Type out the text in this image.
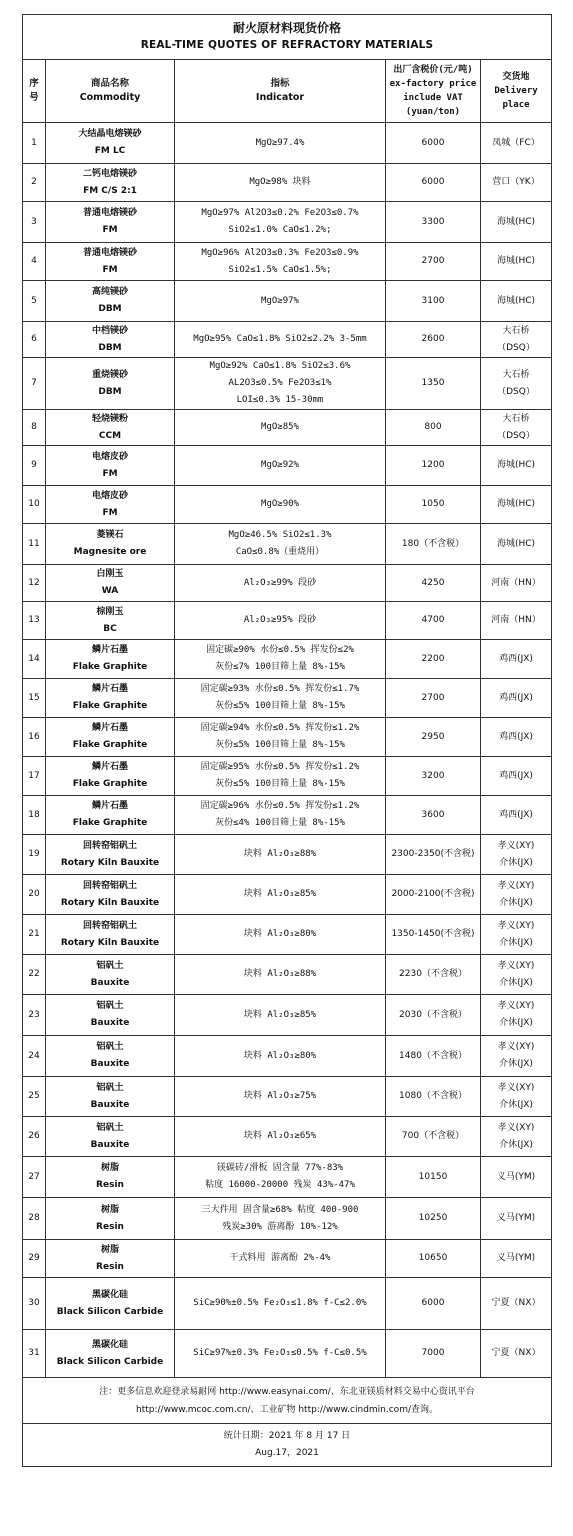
耐火原材料现货价格
REAL-TIME QUOTES OF REFRACTORY MATERIALS				

序
号	商品名称
Commodity	指标
Indicator	出厂含税价(元/吨)
ex-factory price
include VAT
(yuan/ton)	交货地
Delivery
place

1	大结晶电熔镁砂
FM LC	MgO≥97.4%	6000	凤城（FC）

2	二钙电熔镁砂
FM C/S 2:1	MgO≥98% 块料	6000	营口（YK）

3	普通电熔镁砂
FM	MgO≥97% Al2O3≤0.2% Fe2O3≤0.7%
SiO2≤1.0% CaO≤1.2%;	3300	海城(HC)

4	普通电熔镁砂
FM	MgO≥96% Al2O3≤0.3% Fe2O3≤0.9%
SiO2≤1.5% CaO≤1.5%;	2700	海城(HC)

5	高纯镁砂
DBM	MgO≥97%	3100	海城(HC)

6	中档镁砂
DBM	MgO≥95% CaO≤1.8% SiO2≤2.2% 3-5mm	2600	大石桥
（DSQ）

7	重烧镁砂
DBM	MgO≥92% CaO≤1.8% SiO2≤3.6%
AL2O3≤0.5% Fe2O3≤1%
LOI≤0.3% 15-30mm	1350	大石桥
（DSQ）

8	轻烧镁粉
CCM	MgO≥85%	800	大石桥
（DSQ）

9	电熔皮砂
FM	MgO≥92%	1200	海城(HC)

10	电熔皮砂
FM	MgO≥90%	1050	海城(HC)

11	菱镁石
Magnesite ore	MgO≥46.5% SiO2≤1.3%
CaO≤0.8%（重烧用）	180（不含税）	海城(HC)

12	白刚玉
WA	Al₂O₃≥99% 段砂	4250	河南（HN）

13	棕刚玉
BC	Al₂O₃≥95% 段砂	4700	河南（HN）

14	鳞片石墨
Flake Graphite	固定碳≥90% 水份≤0.5% 挥发份≤2%
灰份≤7% 100目筛上量 8%-15%	2200	鸡西(JX)

15	鳞片石墨
Flake Graphite	固定碳≥93% 水份≤0.5% 挥发份≤1.7%
灰份≤5% 100目筛上量 8%-15%	2700	鸡西(JX)

16	鳞片石墨
Flake Graphite	固定碳≥94% 水份≤0.5% 挥发份≤1.2%
灰份≤5% 100目筛上量 8%-15%	2950	鸡西(JX)

17	鳞片石墨
Flake Graphite	固定碳≥95% 水份≤0.5% 挥发份≤1.2%
灰份≤5% 100目筛上量 8%-15%	3200	鸡西(JX)

18	鳞片石墨
Flake Graphite	固定碳≥96% 水份≤0.5% 挥发份≤1.2%
灰份≤4% 100目筛上量 8%-15%	3600	鸡西(JX)

19	回转窑铝矾土
Rotary Kiln Bauxite	块料 Al₂O₃≥88%	2300-2350(不含税)	孝义(XY)
介休(JX)

20	回转窑铝矾土
Rotary Kiln Bauxite	块料 Al₂O₃≥85%	2000-2100(不含税)	孝义(XY)
介休(JX)

21	回转窑铝矾土
Rotary Kiln Bauxite	块料 Al₂O₃≥80%	1350-1450(不含税)	孝义(XY)
介休(JX)

22	铝矾土
Bauxite	块料 Al₂O₃≥88%	2230（不含税）	孝义(XY)
介休(JX)

23	铝矾土
Bauxite	块料 Al₂O₃≥85%	2030（不含税）	孝义(XY)
介休(JX)

24	铝矾土
Bauxite	块料 Al₂O₃≥80%	1480（不含税）	孝义(XY)
介休(JX)

25	铝矾土
Bauxite	块料 Al₂O₃≥75%	1080（不含税）	孝义(XY)
介休(JX)

26	铝矾土
Bauxite	块料 Al₂O₃≥65%	700（不含税）	孝义(XY)
介休(JX)

27	树脂
Resin	镁碳砖/滑板 固含量 77%-83%
粘度 16000-20000 残炭 43%-47%	10150	义马(YM)

28	树脂
Resin	三大件用 固含量≥68% 粘度 400-900
残炭≥30% 游离酚 10%-12%	10250	义马(YM)

29	树脂
Resin	干式料用 游离酚 2%-4%	10650	义马(YM)

30	黑碳化硅
Black Silicon Carbide	SiC≥90%±0.5% Fe₂O₃≤1.8% f-C≤2.0%	6000	宁夏（NX）

31	黑碳化硅
Black Silicon Carbide	SiC≥97%±0.3% Fe₂O₃≤0.5% f-C≤0.5%	7000	宁夏（NX）

注：更多信息欢迎登录易耐网 http://www.easynai.com/、东北亚镁质材料交易中心资讯平台
http://www.mcoc.com.cn/、工业矿物 http://www.cindmin.com/查询。				

统计日期：2021 年 8 月 17 日
Aug.17，2021				
